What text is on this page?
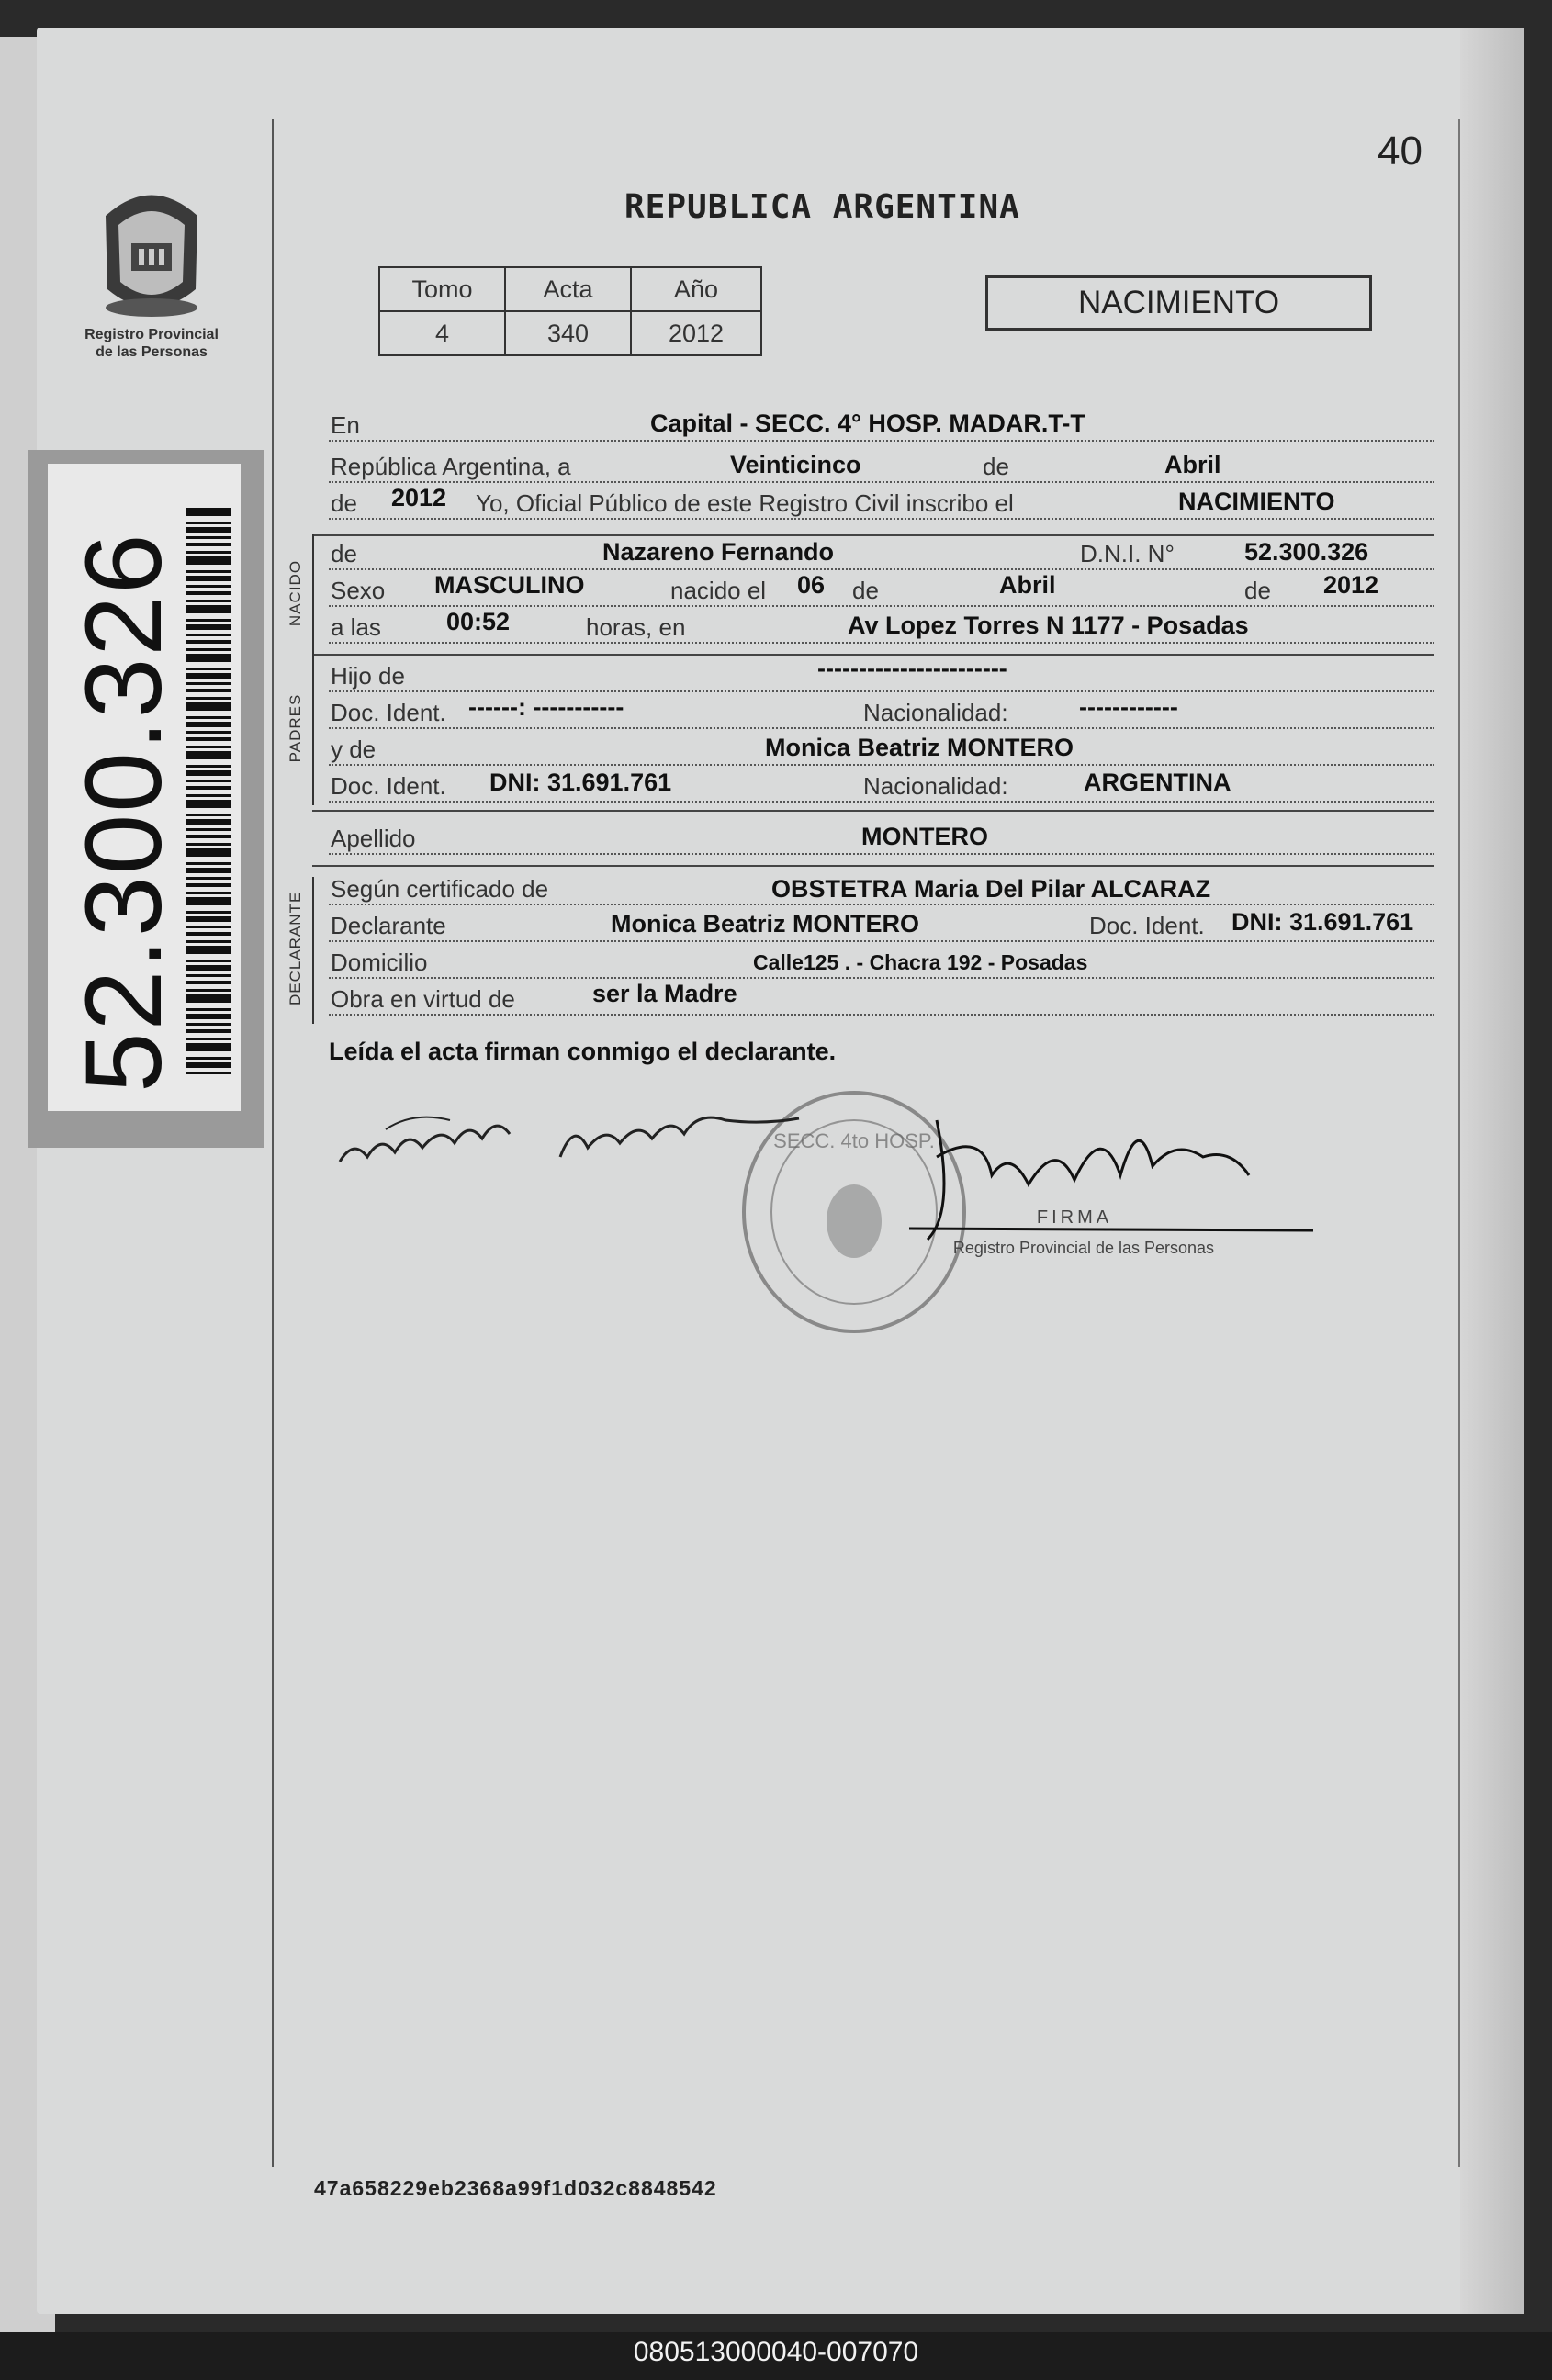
Registro Provincial
de las Personas
52.300.326
40
REPUBLICA ARGENTINA
Tomo	Acta	Año
4	340	2012
NACIMIENTO
En	Capital - SECC. 4° HOSP. MADAR.T-T
República Argentina, a	Veinticinco	de	Abril
de 2012 Yo, Oficial Público de este Registro Civil inscribo el	NACIMIENTO
NACIDO
de	Nazareno Fernando	D.N.I. N°	52.300.326
Sexo MASCULINO	nacido el 06 de	Abril	de 2012
a las	00:52	horas, en	Av Lopez Torres N 1177 - Posadas
PADRES
Hijo de	-----------------------
Doc. Ident. ------: -----------	Nacionalidad:	------------
y de	Monica Beatriz MONTERO
Doc. Ident. DNI: 31.691.761	Nacionalidad:	ARGENTINA
Apellido	MONTERO
DECLARANTE
Según certificado de	OBSTETRA Maria Del Pilar ALCARAZ
Declarante	Monica Beatriz MONTERO	Doc. Ident. DNI: 31.691.761
Domicilio	Calle125 . - Chacra 192 - Posadas
Obra en virtud de	ser la Madre
Leída el acta firman conmigo el declarante.
SECC. 4to HOSP.
FIRMA
Registro Provincial de las Personas
47a658229eb2368a99f1d032c8848542
080513000040-007070
